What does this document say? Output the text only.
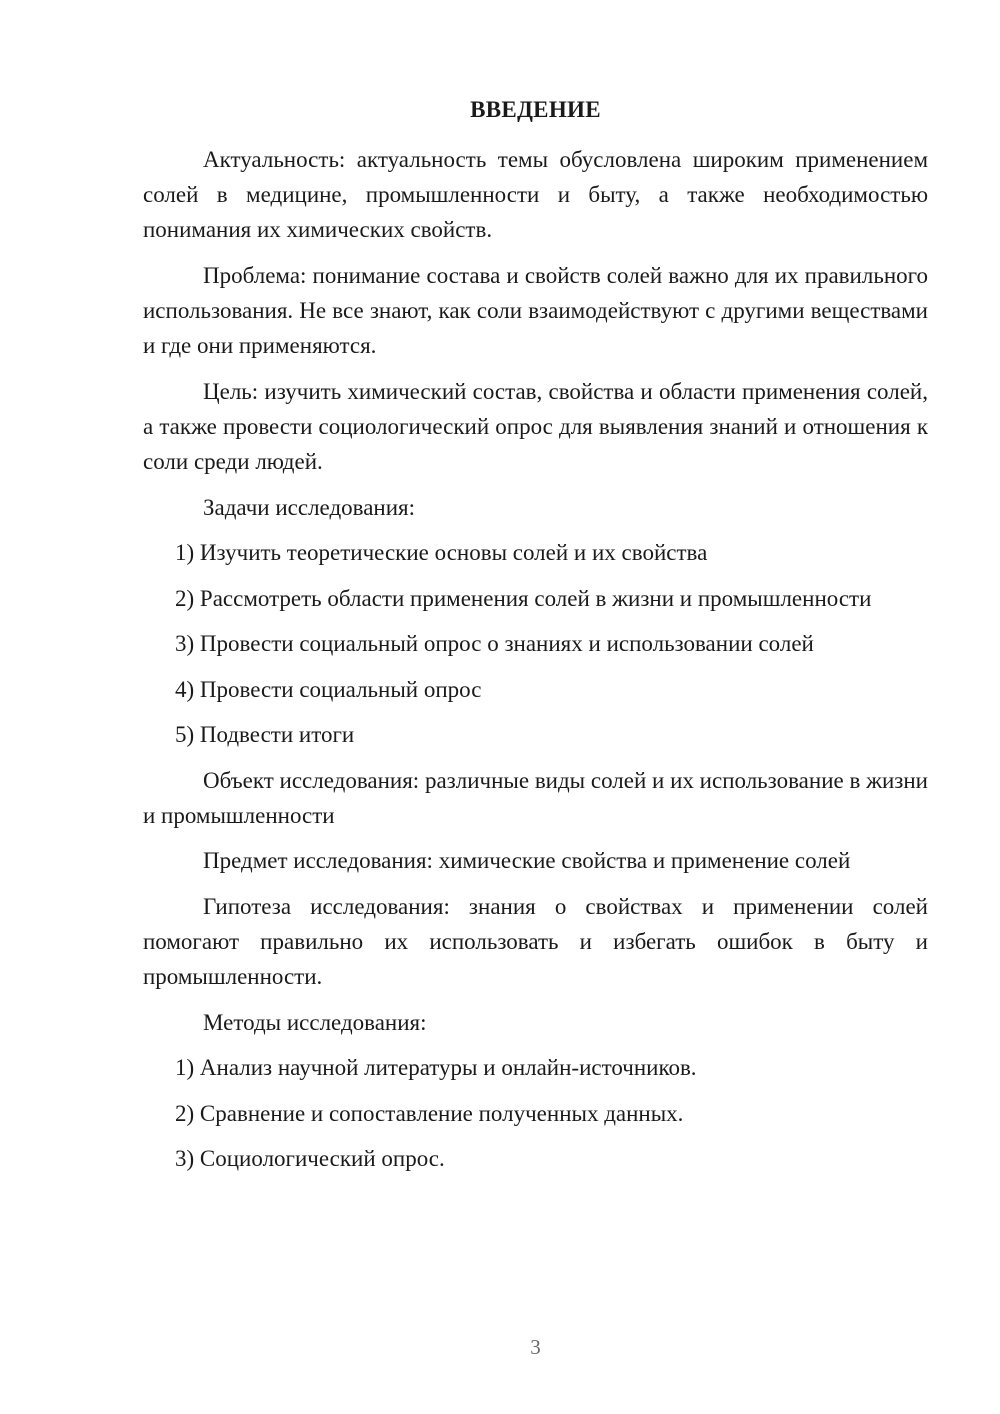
ВВЕДЕНИЕ

Актуальность: актуальность темы обусловлена широким применением солей в медицине, промышленности и быту, а также необходимостью понимания их химических свойств.

Проблема: понимание состава и свойств солей важно для их правильного использования. Не все знают, как соли взаимодействуют с другими веществами и где они применяются.

Цель: изучить химический состав, свойства и области применения солей, а также провести социологический опрос для выявления знаний и отношения к соли среди людей.

Задачи исследования:

1) Изучить теоретические основы солей и их свойства

2) Рассмотреть области применения солей в жизни и промышленности

3) Провести социальный опрос о знаниях и использовании солей

4) Провести социальный опрос

5) Подвести итоги

Объект исследования: различные виды солей и их использование в жизни и промышленности

Предмет исследования: химические свойства и применение солей

Гипотеза исследования: знания о свойствах и применении солей помогают правильно их использовать и избегать ошибок в быту и промышленности.

Методы исследования:

1) Анализ научной литературы и онлайн-источников.

2) Сравнение и сопоставление полученных данных.

3) Социологический опрос.

3
